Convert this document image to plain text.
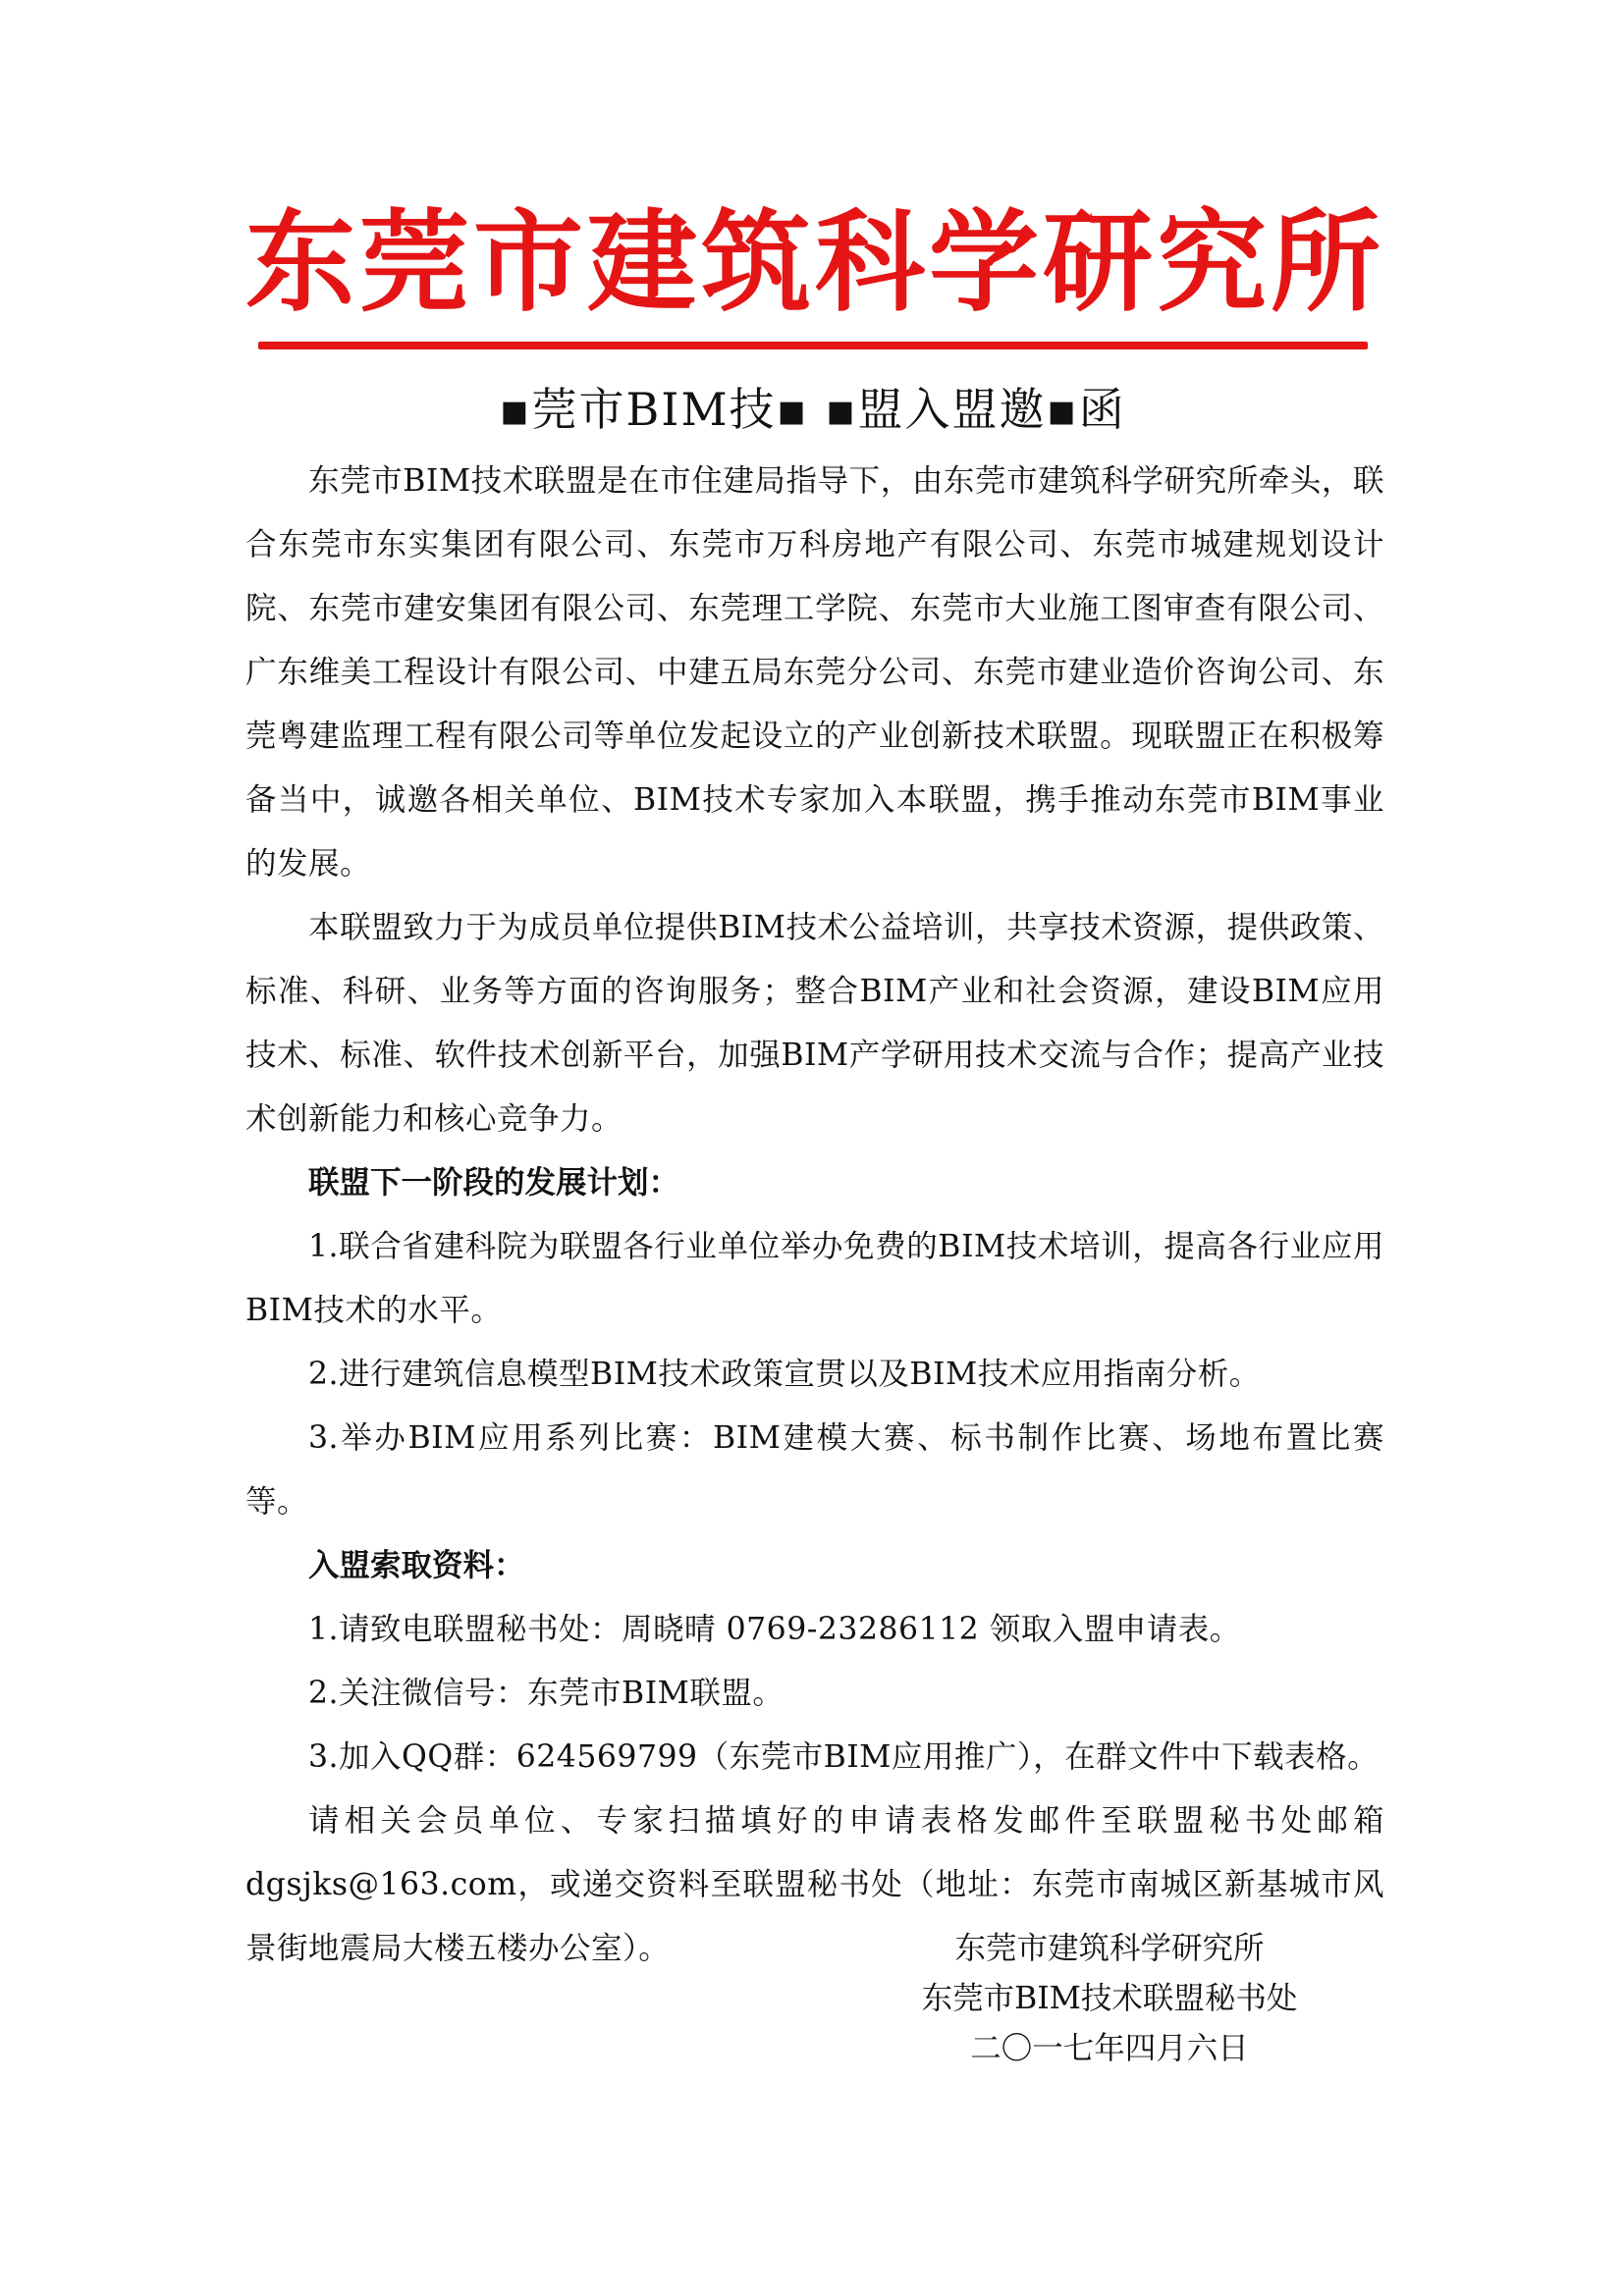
东莞市建筑科学研究所
▪莞市BIM技▪ ▪盟入盟邀▪函

东莞市BIM技术联盟是在市住建局指导下，由东莞市建筑科学研究所牵头，联合东莞市东实集团有限公司、东莞市万科房地产有限公司、东莞市城建规划设计院、东莞市建安集团有限公司、东莞理工学院、东莞市大业施工图审查有限公司、广东维美工程设计有限公司、中建五局东莞分公司、东莞市建业造价咨询公司、东莞粤建监理工程有限公司等单位发起设立的产业创新技术联盟。现联盟正在积极筹备当中，诚邀各相关单位、BIM技术专家加入本联盟，携手推动东莞市BIM事业的发展。

本联盟致力于为成员单位提供BIM技术公益培训，共享技术资源，提供政策、标准、科研、业务等方面的咨询服务；整合BIM产业和社会资源，建设BIM应用技术、标准、软件技术创新平台，加强BIM产学研用技术交流与合作；提高产业技术创新能力和核心竞争力。

联盟下一阶段的发展计划：

1.联合省建科院为联盟各行业单位举办免费的BIM技术培训，提高各行业应用BIM技术的水平。

2.进行建筑信息模型BIM技术政策宣贯以及BIM技术应用指南分析。

3.举办BIM应用系列比赛：BIM建模大赛、标书制作比赛、场地布置比赛等。

入盟索取资料：

1.请致电联盟秘书处：周晓晴 0769-23286112 领取入盟申请表。

2.关注微信号：东莞市BIM联盟。

3.加入QQ群：624569799（东莞市BIM应用推广），在群文件中下载表格。

请相关会员单位、专家扫描填好的申请表格发邮件至联盟秘书处邮箱dgsjks@163.com，或递交资料至联盟秘书处（地址：东莞市南城区新基城市风景街地震局大楼五楼办公室）。	东莞市建筑科学研究所
东莞市BIM技术联盟秘书处
二〇一七年四月六日
